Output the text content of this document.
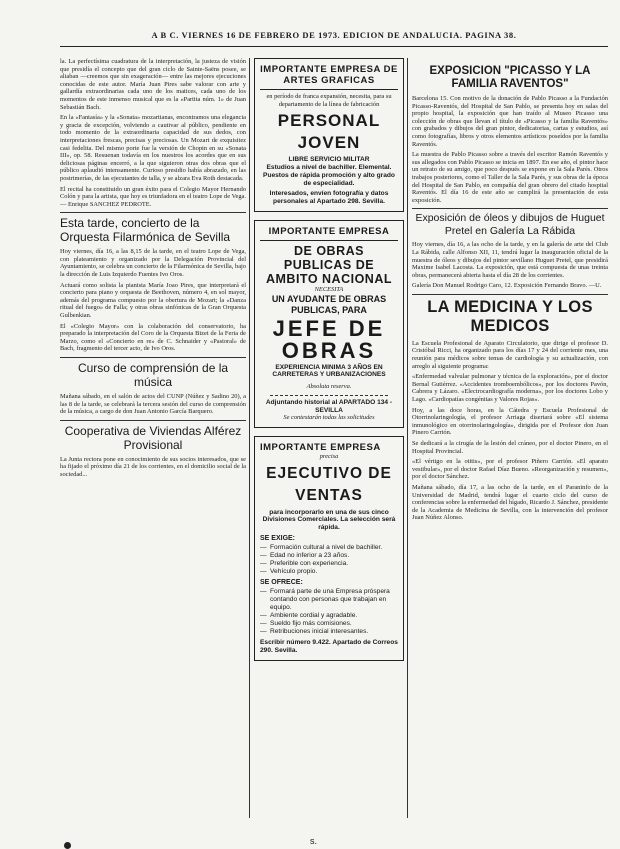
A B C. VIERNES 16 DE FEBRERO DE 1973. EDICION DE ANDALUCIA. PAGINA 38.

la. La perfectísima cuadratura de la interpretación, la justeza de visión que presidía el concepto que del gran ciclo de Sainte-Saëns posee, se aliaban —creemos que sin exageración— entre las mejores ejecuciones conocidas de este autor. María Juan Pires sabe valorar con arte y gallardía extraordinarias cada uno de los matices, cada uno de los momentos de este inmenso musical que es la «Partita núm. 1» de Juan Sebastián Bach.

En la «Fantasía» y la «Sonata» mozartianas, encontramos una elegancia y gracia de excepción, volviendo a cautivar al público, pendiente en todo momento de la extraordinaria capacidad de sus dedos, con interpretaciones frescas, precisas y preciosas. Un Mozart de exquisitez casi fedelita. Del mismo porte fue la versión de Chopin en su «Sonata III», op. 58. Resuenan todavía en los nuestros los acordes que en sus deliciosas páginas encerró, a la que siguieron otras dos obras que el público aplaudió intensamente. Curioso presidio había abrazado, en las postrimerías, de las ejecutantes de talla, y se alzara Eva Roth destacada.

El recital ha constituido un gran éxito para el Colegio Mayor Hernando Colón y para la artista, que hoy es triunfadora en el teatro Lope de Vega. — Enrique SANCHEZ PEDROTE.

Esta tarde, concierto de la Orquesta Filarmónica de Sevilla

Hoy viernes, día 16, a las 8,15 de la tarde, en el teatro Lope de Vega, con plateamiento y organizado por la Delegación Provincial del Ayuntamiento, se celebra un concierto de la Filarmónica de Sevilla, bajo la dirección de Luis Izquierdo Fuentes Ivo Oros.

Actuará como solista la pianista María Joao Pires, que interpretará el concierto para piano y orquesta de Beethoven, número 4, en sol mayor, además del programa compuesto por la obertura de Mozart; la «Danza ritual del fuego» de Falla; y otras obras sinfónicas de la Gran Orquesta Gulbenkian.

El «Colegio Mayor» con la colaboración del conservatorio, ha preparado la interpretación del Coro de la Orquesta Bizet de la Feria de Marzo, como el «Concierto en re» de C. Schnaider y «Pastoral» de Bach, fragmento del tercer acto, de Ivo Oros.

Curso de comprensión de la música

Mañana sábado, en el salón de actos del CUNP (Núñez y Sadino 20), a las 8 de la tarde, se celebrará la tercera sesión del curso de comprensión de la música, a cargo de don Juan Antonio García Barquero.

Cooperativa de Viviendas Alférez Provisional

La Junta rectora pone en conocimiento de sus socios interesados, que se ha fijado el próximo día 21 de los corrientes, en el domicilio social de la sociedad...

IMPORTANTE EMPRESA DE ARTES GRAFICAS
en período de franca expansión, necesita, para su departamento de la línea de fabricación
PERSONAL JOVEN
LIBRE SERVICIO MILITAR
Estudios a nivel de bachiller. Elemental.
Puestos de rápida promoción y alto grado de especialidad.
Interesados, envíen fotografía y datos personales al Apartado 298. Sevilla.
IMPORTANTE EMPRESA
DE OBRAS PUBLICAS DE AMBITO NACIONAL
NECESITA
UN AYUDANTE DE OBRAS PUBLICAS, PARA
JEFE DE OBRAS
EXPERIENCIA MINIMA 3 AÑOS EN CARRETERAS Y URBANIZACIONES
Absoluta reserva.
Adjuntando historial al APARTADO 134 - SEVILLA
Se contestarán todas las solicitudes
IMPORTANTE EMPRESA
precisa
EJECUTIVO DE VENTAS
para incorporarlo en una de sus cinco Divisiones Comerciales. La selección será rápida.
SE EXIGE:
— Formación cultural a nivel de bachiller.
— Edad no inferior a 23 años.
— Preferible con experiencia.
— Vehículo propio.
SE OFRECE:
— Formará parte de una Empresa próspera contando con personas que trabajan en equipo.
— Ambiente cordial y agradable.
— Sueldo fijo más comisiones.
— Retribuciones inicial interesantes.
Escribir número 9.422. Apartado de Correos 290. Sevilla.
EXPOSICION "PICASSO Y LA FAMILIA RAVENTOS"

Barcelona 15. Con motivo de la donación de Pablo Picasso a la Fundación Picasso-Raventós, del Hospital de San Pablo, se presenta hoy en salas del propio hospital, la exposición que han traído al Museo Picasso una colección de obras que llevan el título de «Picasso y la familia Raventós» con grabados y dibujos del gran pintor, dedicatorias, cartas y estudios, así como fotografías, libros y otros elementos artísticos poseídos por la familia Raventós.

La muestra de Pablo Picasso sobre a través del escritor Ramón Raventós y sus allegados con Pablo Picasso se inicia en 1897. En ese año, el pintor hace un retrato de su amigo, que poco después se expone en la Sala Parés. Otros trabajos posteriores, como el Taller de la Sala Parés, y sus obras de la época del Hospital de San Pablo, en compañía del gran obrero del citado hospital Raventós. El día 16 de este año se cumplirá la presentación de esta exposición.

Exposición de óleos y dibujos de Huguet Pretel en Galería La Rábida

Hoy viernes, día 16, a las ocho de la tarde, y en la galería de arte del Club La Rábida, calle Alfonso XII, 11, tendrá lugar la inauguración oficial de la muestra de óleos y dibujos del pintor sevillano Huguet Pretel, que presidirá Maxime Isabel Lacosta. La exposición, que está compuesta de unas treinta obras, permanecerá abierta hasta el día 28 de los corrientes.

Galería Don Manuel Rodrigo Caro, 12. Exposición Fernando Bravo. —U.

LA MEDICINA Y LOS MEDICOS

La Escuela Profesional de Aparato Circulatorio, que dirige el profesor D. Cristóbal Ricci, ha organizado para los días 17 y 24 del corriente mes, una reunión para médicos sobre temas de cardiología y su actualización, con arreglo al siguiente programa:

«Enfermedad valvular pulmonar y técnica de la exploración», por el doctor Bernal Gutiérrez. «Accidentes tromboembólicos», por los doctores Pavón, Cabrera y Lázaro. «Electrocardiografía moderna», por los doctores Lobo y Lago. «Cardiopatías congénitas y Valores Rojas».

Hoy, a las doce horas, en la Cátedra y Escuela Profesional de Otorrinolaringología, el profesor Arriaga disertará sobre «El sistema inmunológico en otorrinolaringología», dirigida por el Profesor don Juan Pinero Carrión.

Se dedicará a la cirugía de la lesión del cráneo, por el doctor Pinero, en el Hospital Provincial.

«El vértigo en la otitis», por el profesor Piñero Carrión. «El aparato vestibular», por el doctor Rafael Díaz Bueno. «Reorganización y resumen», por el doctor Sánchez.

Mañana sábado, día 17, a las ocho de la tarde, en el Paraninfo de la Universidad de Madrid, tendrá lugar el cuarto ciclo del curso de conferencias sobre la enfermedad del hígado, Ricardo J. Sánchez, presidente de la Academia de Medicina de Sevilla, con la intervención del profesor Juan Núñez Alonso.

s.
